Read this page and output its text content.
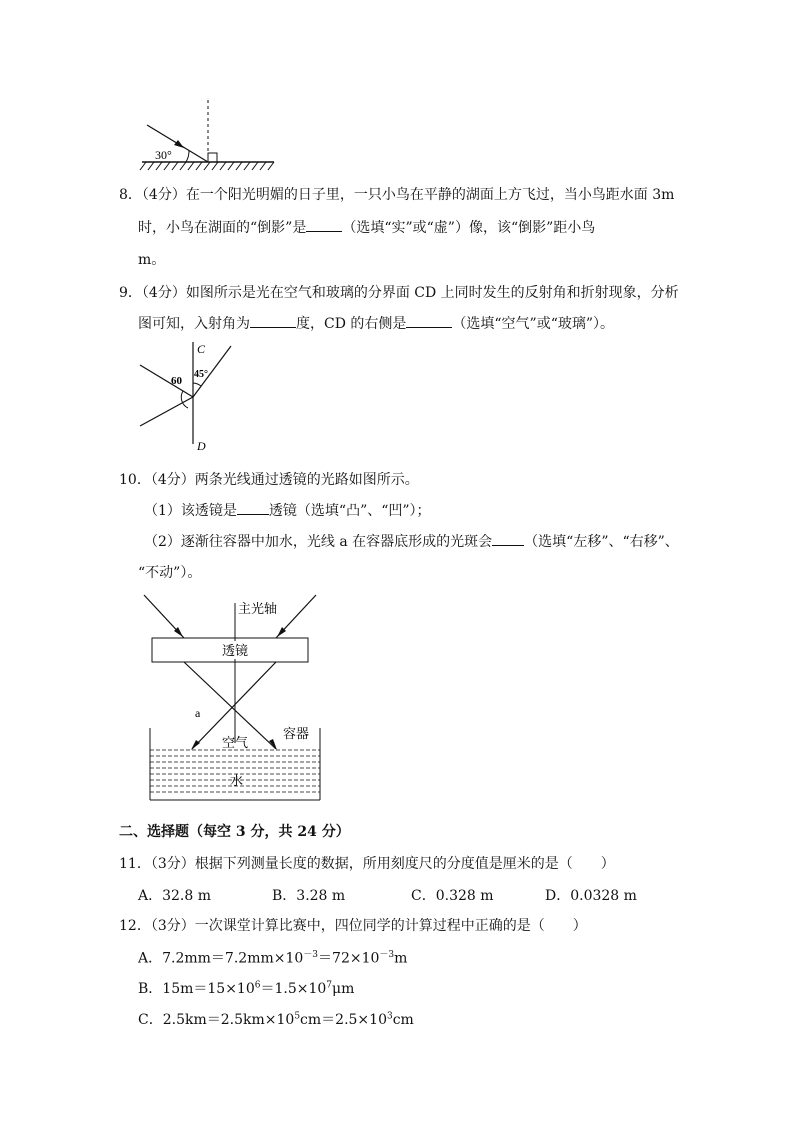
30°
8．（4分）在一个阳光明媚的日子里，一只小鸟在平静的湖面上方飞过，当小鸟距水面 3m
时，小鸟在湖面的“倒影”是	（选填“实”或“虚”）像，该“倒影”距小鸟
m。
9．（4分）如图所示是光在空气和玻璃的分界面 CD 上同时发生的反射角和折射现象，分析
图可知，入射角为	度，CD 的右侧是	（选填“空气”或“玻璃”）。
C
D
60
45°
10．（4分）两条光线通过透镜的光路如图所示。
（1）该透镜是 透镜（选填“凸”、“凹”）；
（2）逐渐往容器中加水，光线 a 在容器底形成的光斑会 （选填“左移”、“右移”、
“不动”）。
主光轴
透镜
a
容器
空气
水
二、选择题（每空 3 分，共 24 分）
11．（3分）根据下列测量长度的数据，所用刻度尺的分度值是厘米的是（　　）
A．32.8 m	B．3.28 m	C．0.328 m	D．0.0328 m
12．（3分）一次课堂计算比赛中，四位同学的计算过程中正确的是（　　）
A．$7.2mm=7.2mm\times 10^{-3}=72\times 10^{-3}m$
B．$15m=15\times 10^6=1.5\times 10^7\mu m$
C．$2.5km=2.5km\times 10^5cm=2.5\times 10^3cm$
